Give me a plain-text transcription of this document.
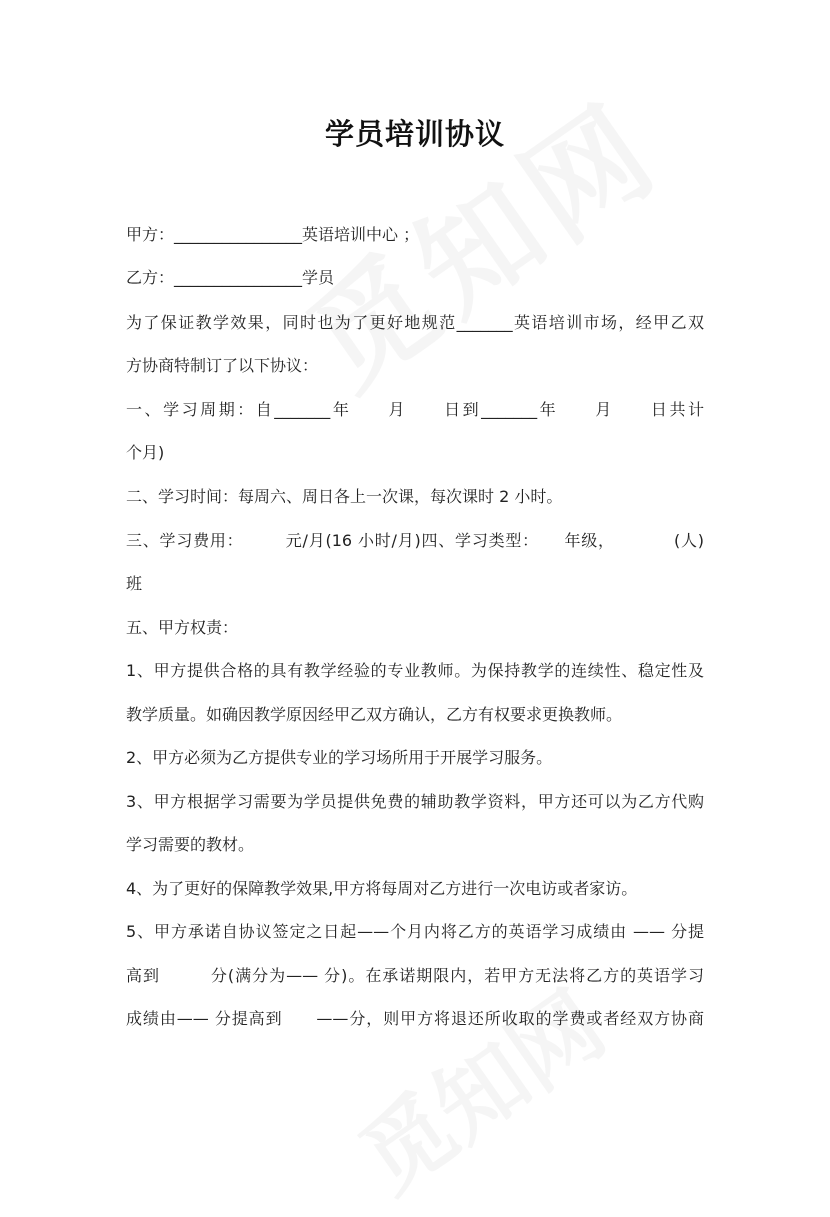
学员培训协议
甲方：________________英语培训中心 ；
乙方：________________学员
为了保证教学效果，同时也为了更好地规范_______英语培训市场，经甲乙双
方协商特制订了以下协议：
一、学习周期：自_______年　　月　　日到_______年　　月　　日共计
个月)
二、学习时间：每周六、周日各上一次课，每次课时 2 小时。
三、学习费用：　　　元/月(16 小时/月)四、学习类型：　　年级，　　　　(人)
班
五、甲方权责：
1、甲方提供合格的具有教学经验的专业教师。为保持教学的连续性、稳定性及
教学质量。如确因教学原因经甲乙双方确认，乙方有权要求更换教师。
2、甲方必须为乙方提供专业的学习场所用于开展学习服务。
3、甲方根据学习需要为学员提供免费的辅助教学资料，甲方还可以为乙方代购
学习需要的教材。
4、为了更好的保障教学效果,甲方将每周对乙方进行一次电访或者家访。
5、甲方承诺自协议签定之日起——个月内将乙方的英语学习成绩由 —— 分提
高到　　　分(满分为—— 分)。在承诺期限内，若甲方无法将乙方的英语学习
成绩由—— 分提高到　　——分，则甲方将退还所收取的学费或者经双方协商
